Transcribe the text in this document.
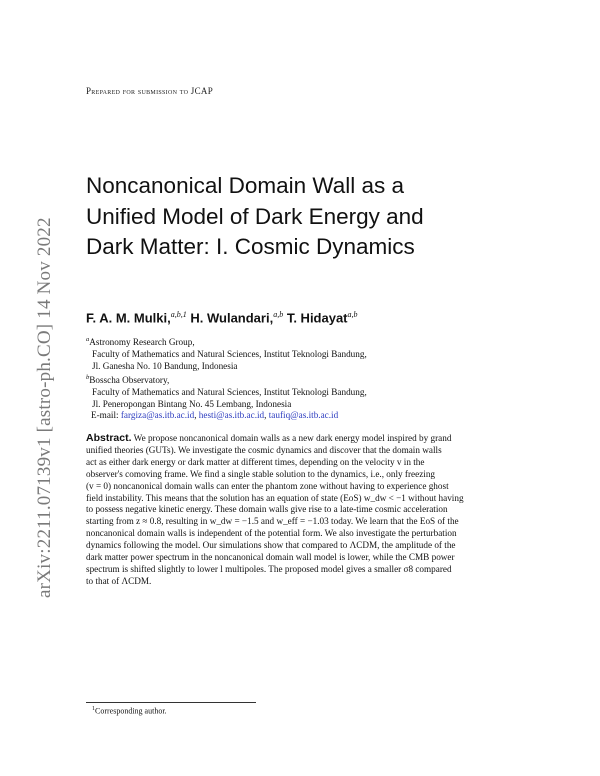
arXiv:2211.07139v1 [astro-ph.CO] 14 Nov 2022
Prepared for submission to JCAP
Noncanonical Domain Wall as a
Unified Model of Dark Energy and
Dark Matter: I. Cosmic Dynamics
F. A. M. Mulki,$^{a,b,1}$ H. Wulandari,$^{a,b}$ T. Hidayat$^{a,b}$
$^a$Astronomy Research Group,
Faculty of Mathematics and Natural Sciences, Institut Teknologi Bandung,
Jl. Ganesha No. 10 Bandung, Indonesia
$^b$Bosscha Observatory,
Faculty of Mathematics and Natural Sciences, Institut Teknologi Bandung,
Jl. Peneropongan Bintang No. 45 Lembang, Indonesia
E-mail: fargiza@as.itb.ac.id, hesti@as.itb.ac.id, taufiq@as.itb.ac.id

Abstract. We propose noncanonical domain walls as a new dark energy model inspired by grand
unified theories (GUTs). We investigate the cosmic dynamics and discover that the domain walls
act as either dark energy or dark matter at different times, depending on the velocity v in the
observer's comoving frame. We find a single stable solution to the dynamics, i.e., only freezing
(v = 0) noncanonical domain walls can enter the phantom zone without having to experience ghost
field instability. This means that the solution has an equation of state (EoS) w_dw < −1 without having
to possess negative kinetic energy. These domain walls give rise to a late-time cosmic acceleration
starting from z ≈ 0.8, resulting in w_dw = −1.5 and w_eff = −1.03 today. We learn that the EoS of the
noncanonical domain walls is independent of the potential form. We also investigate the perturbation
dynamics following the model. Our simulations show that compared to ΛCDM, the amplitude of the
dark matter power spectrum in the noncanonical domain wall model is lower, while the CMB power
spectrum is shifted slightly to lower l multipoles. The proposed model gives a smaller σ8 compared
to that of ΛCDM.

$^1$Corresponding author.
